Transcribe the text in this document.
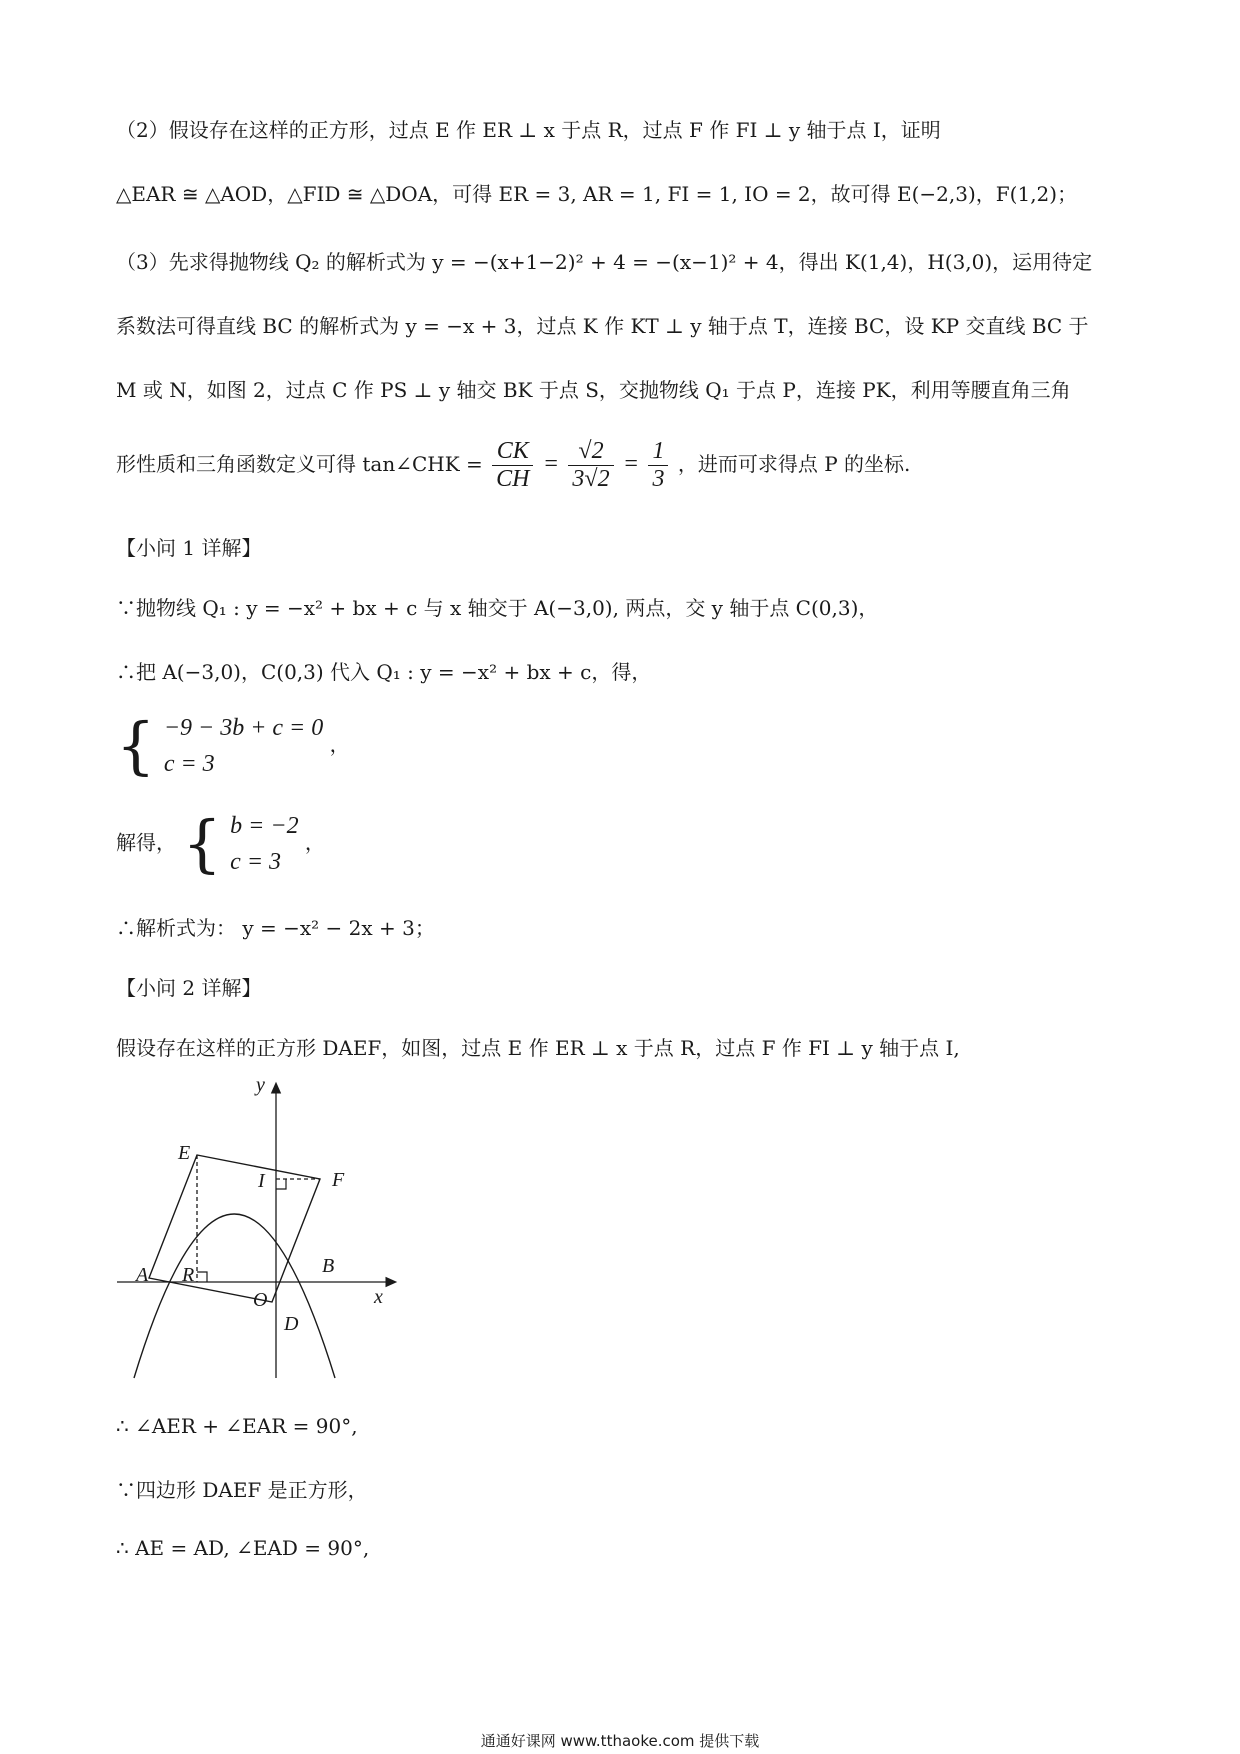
（2）假设存在这样的正方形，过点 E 作 ER ⊥ x 于点 R，过点 F 作 FI ⊥ y 轴于点 I，证明
△EAR ≅ △AOD，△FID ≅ △DOA，可得 ER = 3, AR = 1, FI = 1, IO = 2，故可得 E(−2,3)，F(1,2)；
（3）先求得抛物线 Q₂ 的解析式为 y = −(x+1−2)² + 4 = −(x−1)² + 4，得出 K(1,4)，H(3,0)，运用待定
系数法可得直线 BC 的解析式为 y = −x + 3，过点 K 作 KT ⊥ y 轴于点 T，连接 BC，设 KP 交直线 BC 于
M 或 N，如图 2，过点 C 作 PS ⊥ y 轴交 BK 于点 S，交抛物线 Q₁ 于点 P，连接 PK，利用等腰直角三角
形性质和三角函数定义可得 tan∠CHK = $\frac{CK}{CH} = \frac{√2}{3√2} = \frac{1}{3}$ ，进而可求得点 P 的坐标.
【小问 1 详解】
∵抛物线 Q₁ : y = −x² + bx + c 与 x 轴交于 A(−3,0), 两点，交 y 轴于点 C(0,3)，
∴把 A(−3,0)，C(0,3) 代入 Q₁ : y = −x² + bx + c，得，
{ −9 − 3b + c = 0
c = 3
，
解得， { b = −2
c = 3
，
∴解析式为： y = −x² − 2x + 3；
【小问 2 详解】
假设存在这样的正方形 DAEF，如图，过点 E 作 ER ⊥ x 于点 R，过点 F 作 FI ⊥ y 轴于点 I,
y
x
E
I	F
A R	B
O
D
∴ ∠AER + ∠EAR = 90°,
∵四边形 DAEF 是正方形，
∴ AE = AD, ∠EAD = 90°,
通通好课网 www.tthaoke.com 提供下载
